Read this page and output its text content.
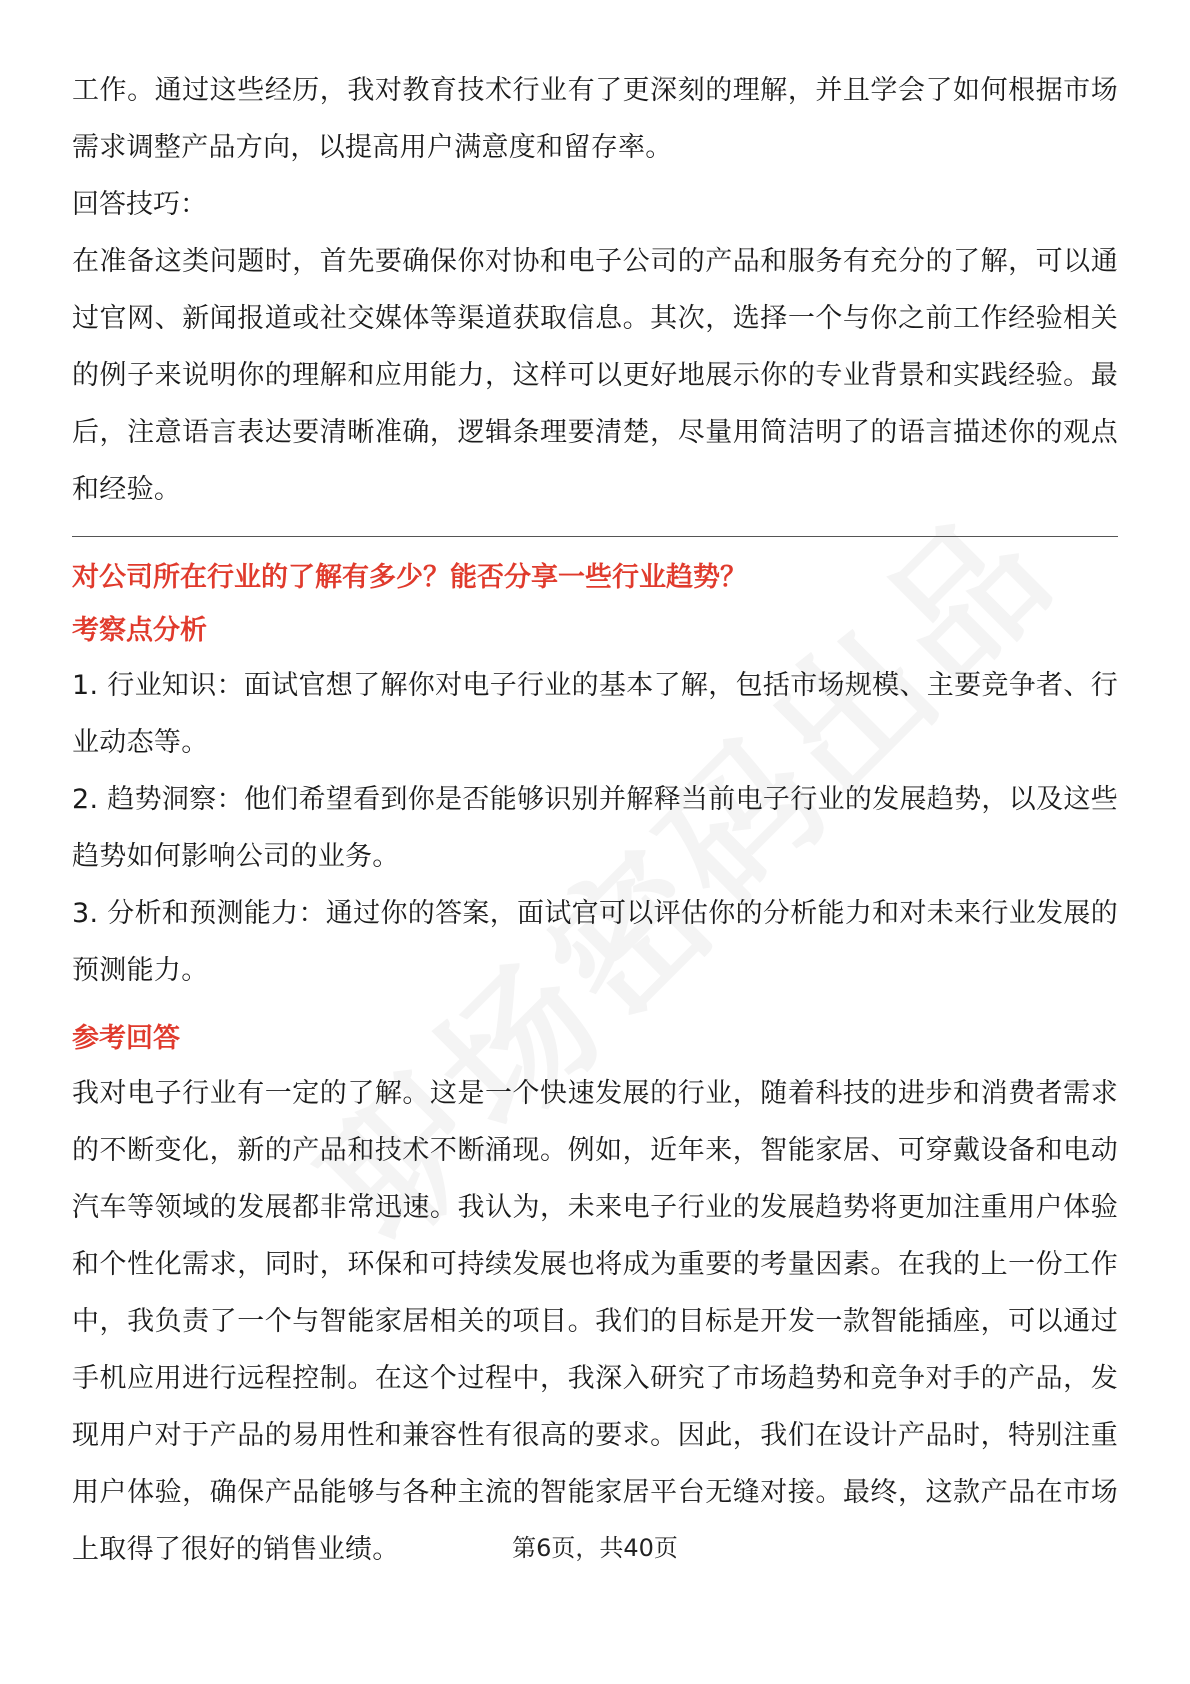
工作。通过这些经历，我对教育技术行业有了更深刻的理解，并且学会了如何根据市场需求调整产品方向，以提高用户满意度和留存率。

回答技巧：

在准备这类问题时，首先要确保你对协和电子公司的产品和服务有充分的了解，可以通过官网、新闻报道或社交媒体等渠道获取信息。其次，选择一个与你之前工作经验相关的例子来说明你的理解和应用能力，这样可以更好地展示你的专业背景和实践经验。最后，注意语言表达要清晰准确，逻辑条理要清楚，尽量用简洁明了的语言描述你的观点和经验。

对公司所在行业的了解有多少？能否分享一些行业趋势？

考察点分析

1. 行业知识：面试官想了解你对电子行业的基本了解，包括市场规模、主要竞争者、行业动态等。

2. 趋势洞察：他们希望看到你是否能够识别并解释当前电子行业的发展趋势，以及这些趋势如何影响公司的业务。

3. 分析和预测能力：通过你的答案，面试官可以评估你的分析能力和对未来行业发展的预测能力。

参考回答

我对电子行业有一定的了解。这是一个快速发展的行业，随着科技的进步和消费者需求的不断变化，新的产品和技术不断涌现。例如，近年来，智能家居、可穿戴设备和电动汽车等领域的发展都非常迅速。我认为，未来电子行业的发展趋势将更加注重用户体验和个性化需求，同时，环保和可持续发展也将成为重要的考量因素。在我的上一份工作中，我负责了一个与智能家居相关的项目。我们的目标是开发一款智能插座，可以通过手机应用进行远程控制。在这个过程中，我深入研究了市场趋势和竞争对手的产品，发现用户对于产品的易用性和兼容性有很高的要求。因此，我们在设计产品时，特别注重用户体验，确保产品能够与各种主流的智能家居平台无缝对接。最终，这款产品在市场上取得了很好的销售业绩。	第6页，共40页
